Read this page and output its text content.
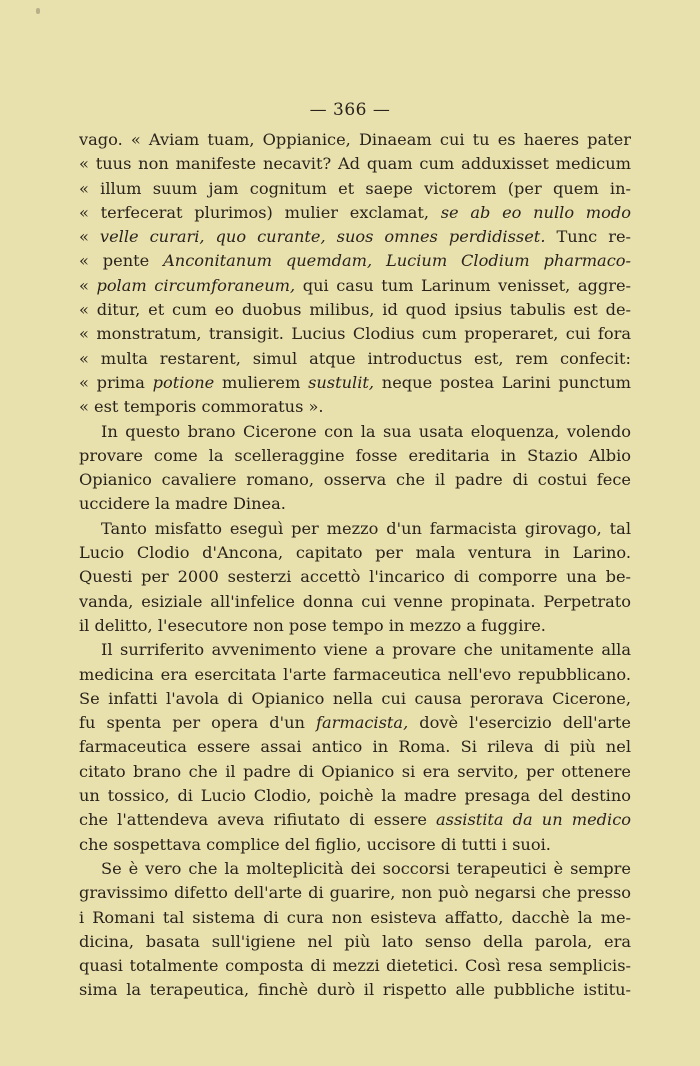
— 366 —
vago. « Aviam tuam, Oppianice, Dinaeam cui tu es haeres pater
« tuus non manifeste necavit? Ad quam cum adduxisset medicum
« illum suum jam cognitum et saepe victorem (per quem in-
« terfecerat plurimos) mulier exclamat, se ab eo nullo modo
« velle curari, quo curante, suos omnes perdidisset. Tunc re-
« pente Anconitanum quemdam, Lucium Clodium pharmaco-
« polam circumforaneum, qui casu tum Larinum venisset, aggre-
« ditur, et cum eo duobus milibus, id quod ipsius tabulis est de-
« monstratum, transigit. Lucius Clodius cum properaret, cui fora
« multa restarent, simul atque introductus est, rem confecit:
« prima potione mulierem sustulit, neque postea Larini punctum
« est temporis commoratus ».
In questo brano Cicerone con la sua usata eloquenza, volendo
provare come la scelleraggine fosse ereditaria in Stazio Albio
Opianico cavaliere romano, osserva che il padre di costui fece
uccidere la madre Dinea.
Tanto misfatto eseguì per mezzo d'un farmacista girovago, tal
Lucio Clodio d'Ancona, capitato per mala ventura in Larino.
Questi per 2000 sesterzi accettò l'incarico di comporre una be-
vanda, esiziale all'infelice donna cui venne propinata. Perpetrato
il delitto, l'esecutore non pose tempo in mezzo a fuggire.
Il surriferito avvenimento viene a provare che unitamente alla
medicina era esercitata l'arte farmaceutica nell'evo repubblicano.
Se infatti l'avola di Opianico nella cui causa perorava Cicerone,
fu spenta per opera d'un farmacista, dovè l'esercizio dell'arte
farmaceutica essere assai antico in Roma. Si rileva di più nel
citato brano che il padre di Opianico si era servito, per ottenere
un tossico, di Lucio Clodio, poichè la madre presaga del destino
che l'attendeva aveva rifiutato di essere assistita da un medico
che sospettava complice del figlio, uccisore di tutti i suoi.
Se è vero che la molteplicità dei soccorsi terapeutici è sempre
gravissimo difetto dell'arte di guarire, non può negarsi che presso
i Romani tal sistema di cura non esisteva affatto, dacchè la me-
dicina, basata sull'igiene nel più lato senso della parola, era
quasi totalmente composta di mezzi dietetici. Così resa semplicis-
sima la terapeutica, finchè durò il rispetto alle pubbliche istitu-
